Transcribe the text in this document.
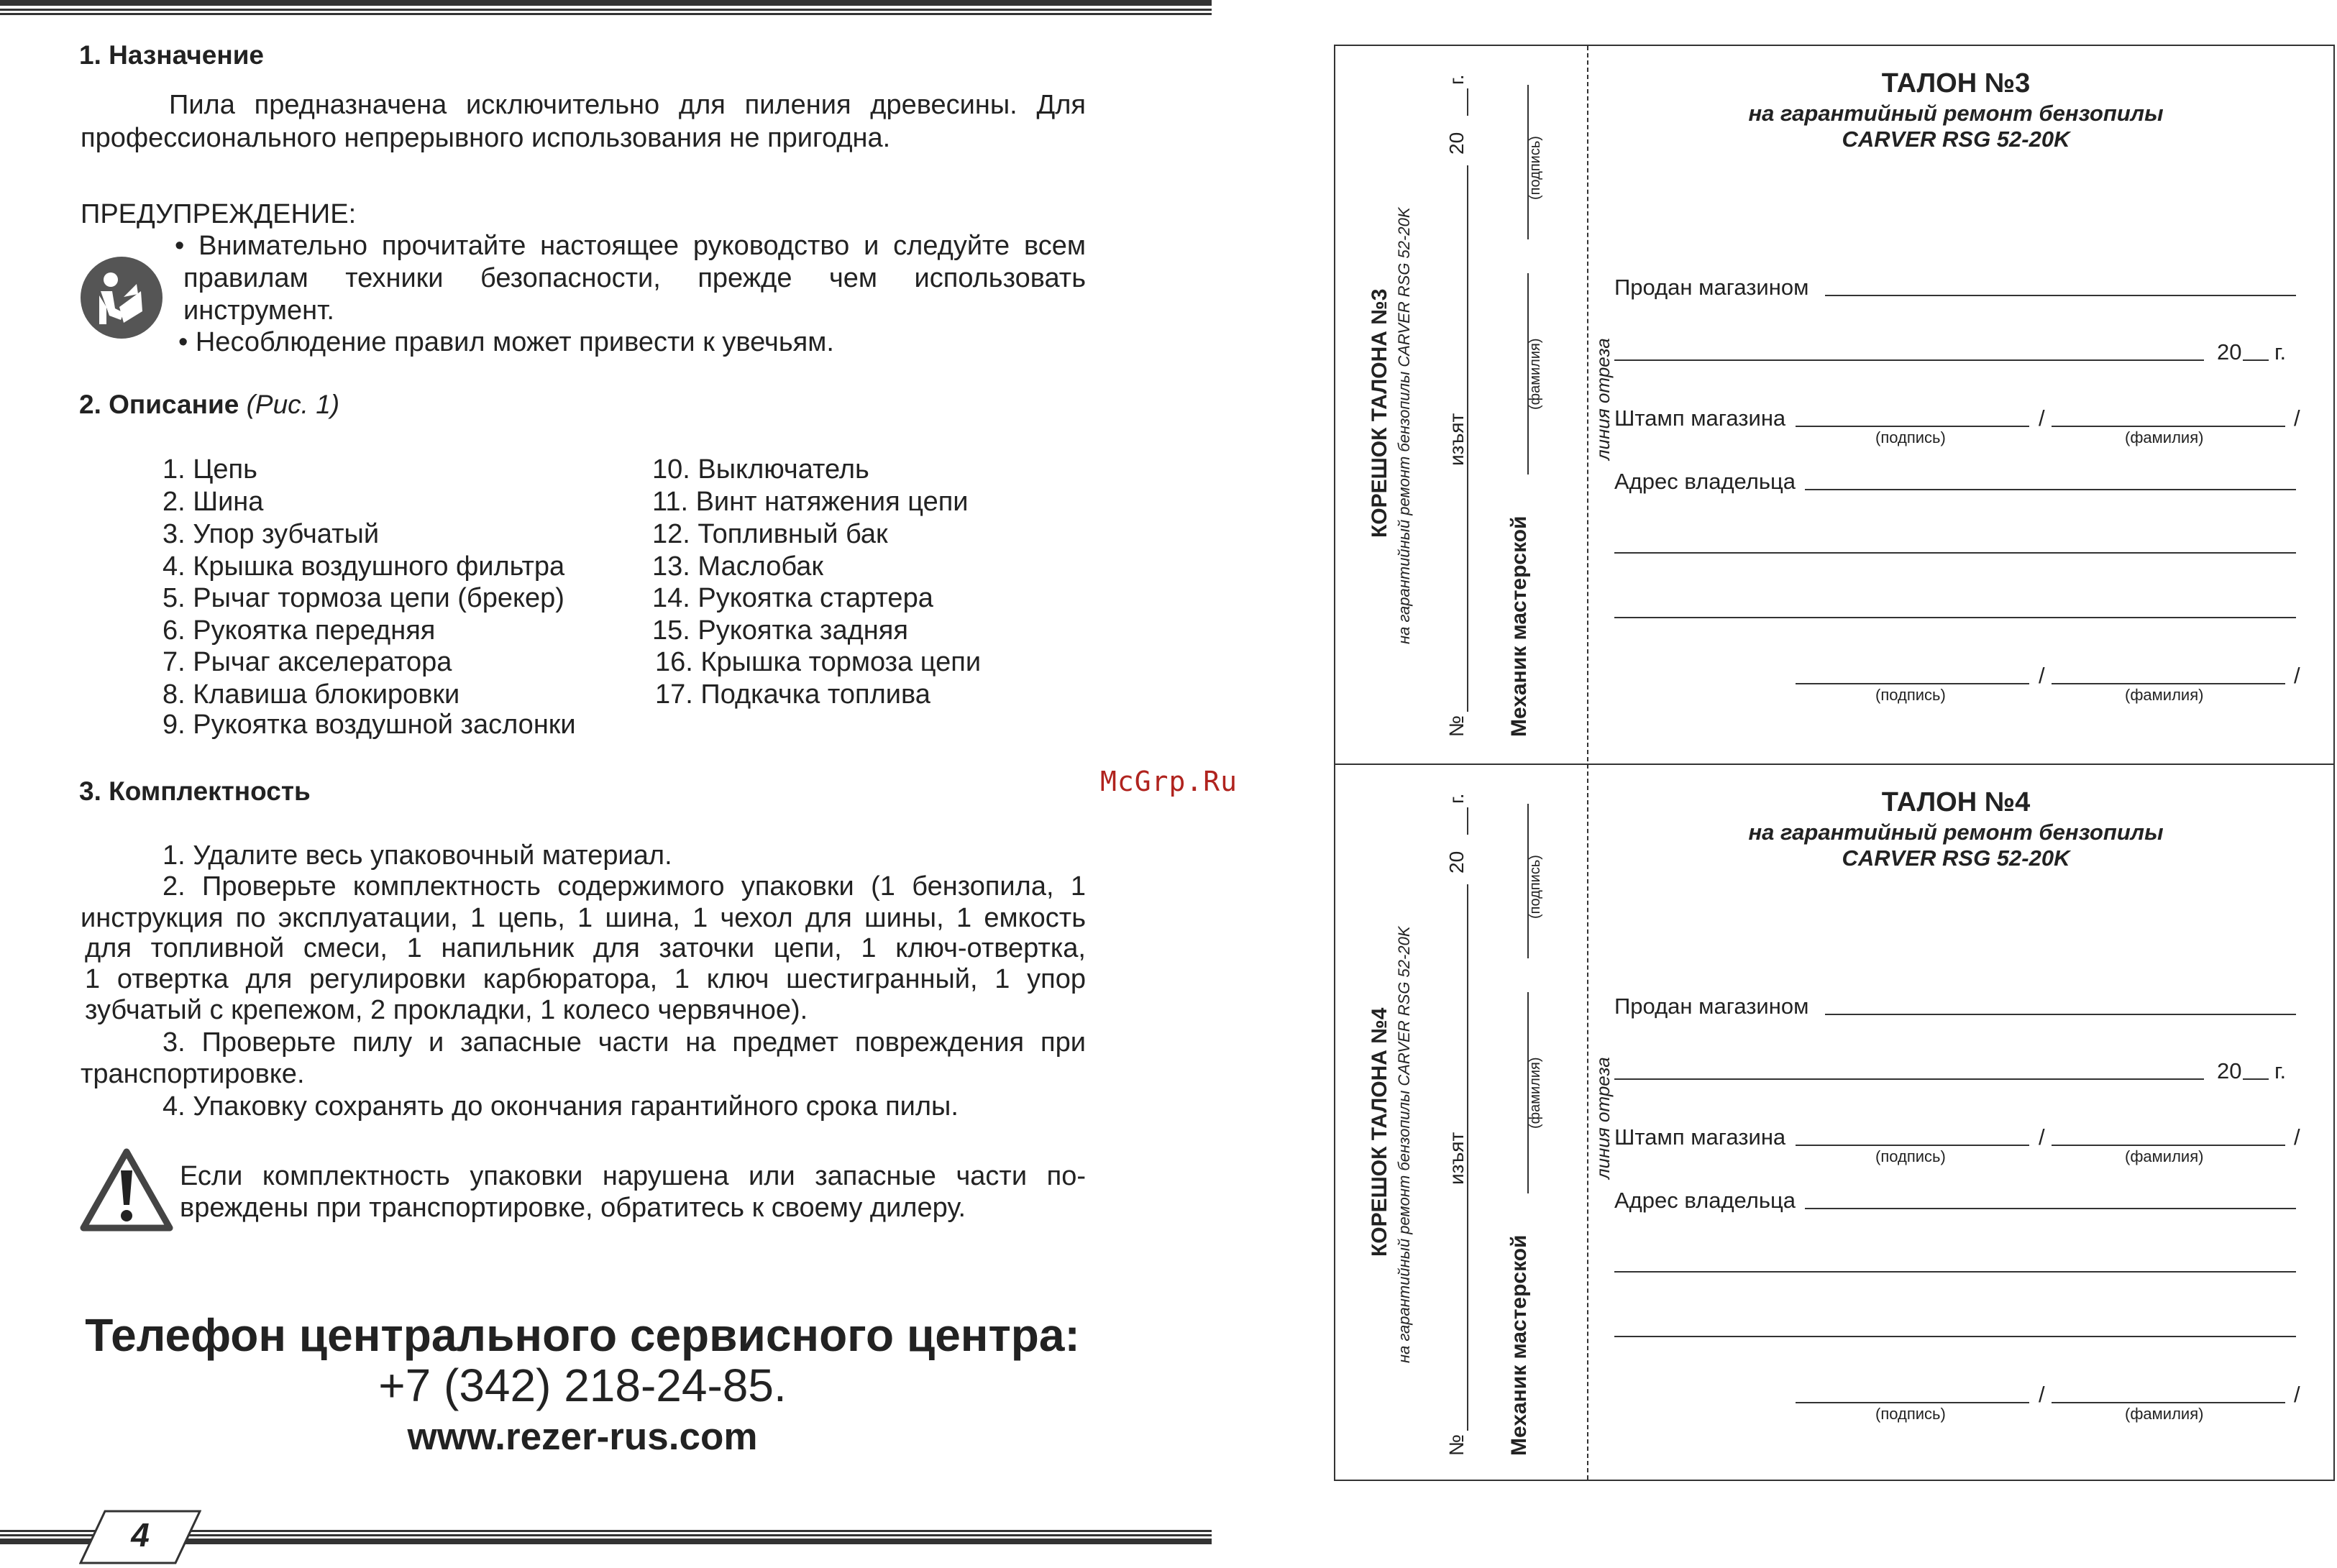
1. Назначение
Пила предназначена исключительно для пиления древесины. Для
профессионального непрерывного использования не пригодна.
ПРЕДУПРЕЖДЕНИЕ:
• Внимательно прочитайте настоящее руководство и следуйте всем
правилам техники безопасности, прежде чем использовать
инструмент.
• Несоблюдение правил может привести к увечьям.
2. Описание (Рис. 1)
1. Цепь
2. Шина
3. Упор зубчатый
4. Крышка воздушного фильтра
5. Рычаг тормоза цепи (брекер)
6. Рукоятка передняя
7. Рычаг акселератора
8. Клавиша блокировки
9. Рукоятка воздушной заслонки
10. Выключатель
11. Винт натяжения цепи
12. Топливный бак
13. Маслобак
14. Рукоятка стартера
15. Рукоятка задняя
16. Крышка тормоза цепи
17. Подкачка топлива
3. Комплектность
1. Удалите весь упаковочный материал.
2. Проверьте комплектность содержимого упаковки (1 бензопила, 1
инструкция по эксплуатации, 1 цепь, 1 шина, 1 чехол для шины, 1 емкость
для топливной смеси, 1 напильник для заточки цепи, 1 ключ-отвертка,
1 отвертка для регулировки карбюратора, 1 ключ шестигранный, 1 упор
зубчатый с крепежом, 2 прокладки, 1 колесо червячное).
3. Проверьте пилу и запасные части на предмет повреждения при
транспортировке.
4. Упаковку сохранять до окончания гарантийного срока пилы.
Если комплектность упаковки нарушена или запасные части по-
вреждены при транспортировке, обратитесь к своему дилеру.
Телефон центрального сервисного центра:
+7 (342) 218-24-85.
www.rezer-rus.com
4
McGrp.Ru
КОРЕШОК ТАЛОНА №3 на гарантийный ремонт бензопилы CARVER RSG 52-20K
№
изъят
20
г.
Механик мастерской
(фамилия)
(подпись)
линия отреза
ТАЛОН №3
на гарантийный ремонт бензопилы
CARVER RSG 52-20K
Продан магазином
20 г.
Штамп магазина	/	/
(подпись)	(фамилия)
Адрес владельца
/	/
(подпись)	(фамилия)
КОРЕШОК ТАЛОНА №4 на гарантийный ремонт бензопилы CARVER RSG 52-20K
№
изъят
20
г.
Механик мастерской
(фамилия)
(подпись)
линия отреза
ТАЛОН №4
на гарантийный ремонт бензопилы
CARVER RSG 52-20K
Продан магазином
20 г.
Штамп магазина	/	/
(подпись)	(фамилия)
Адрес владельца
/	/
(подпись)	(фамилия)
